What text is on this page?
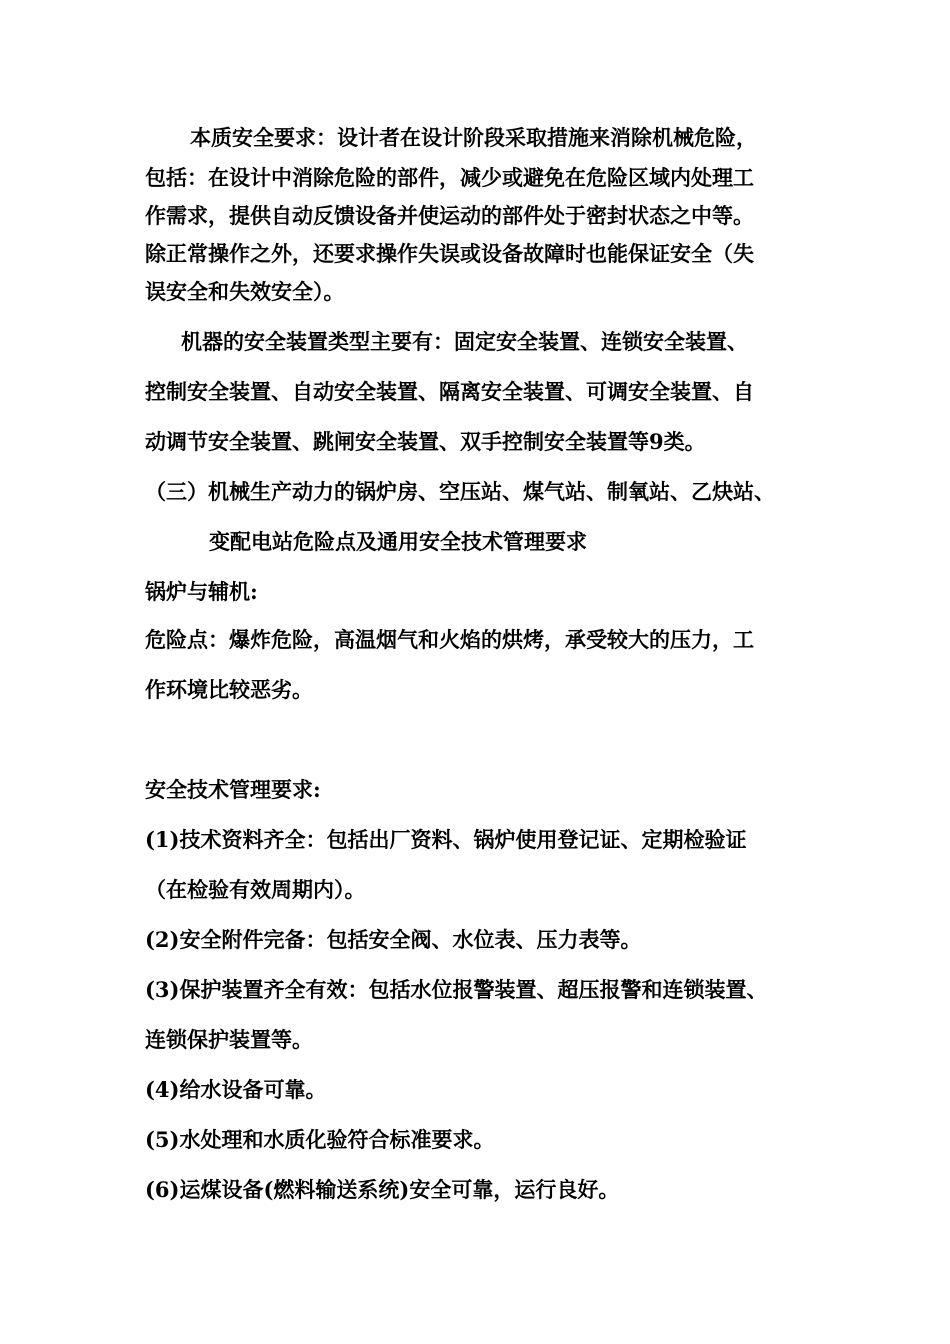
本质安全要求：设计者在设计阶段采取措施来消除机械危险，
包括：在设计中消除危险的部件，减少或避免在危险区域内处理工
作需求，提供自动反馈设备并使运动的部件处于密封状态之中等。
除正常操作之外，还要求操作失误或设备故障时也能保证安全（失
误安全和失效安全）。
机器的安全装置类型主要有：固定安全装置、连锁安全装置、
控制安全装置、自动安全装置、隔离安全装置、可调安全装置、自
动调节安全装置、跳闸安全装置、双手控制安全装置等9类。
（三）机械生产动力的锅炉房、空压站、煤气站、制氧站、乙炔站、
变配电站危险点及通用安全技术管理要求
锅炉与辅机:
危险点：爆炸危险，高温烟气和火焰的烘烤，承受较大的压力，工
作环境比较恶劣。
安全技术管理要求:
(1)技术资料齐全：包括出厂资料、锅炉使用登记证、定期检验证
（在检验有效周期内）。
(2)安全附件完备：包括安全阀、水位表、压力表等。
(3)保护装置齐全有效：包括水位报警装置、超压报警和连锁装置、
连锁保护装置等。
(4)给水设备可靠。
(5)水处理和水质化验符合标准要求。
(6)运煤设备(燃料输送系统)安全可靠，运行良好。
